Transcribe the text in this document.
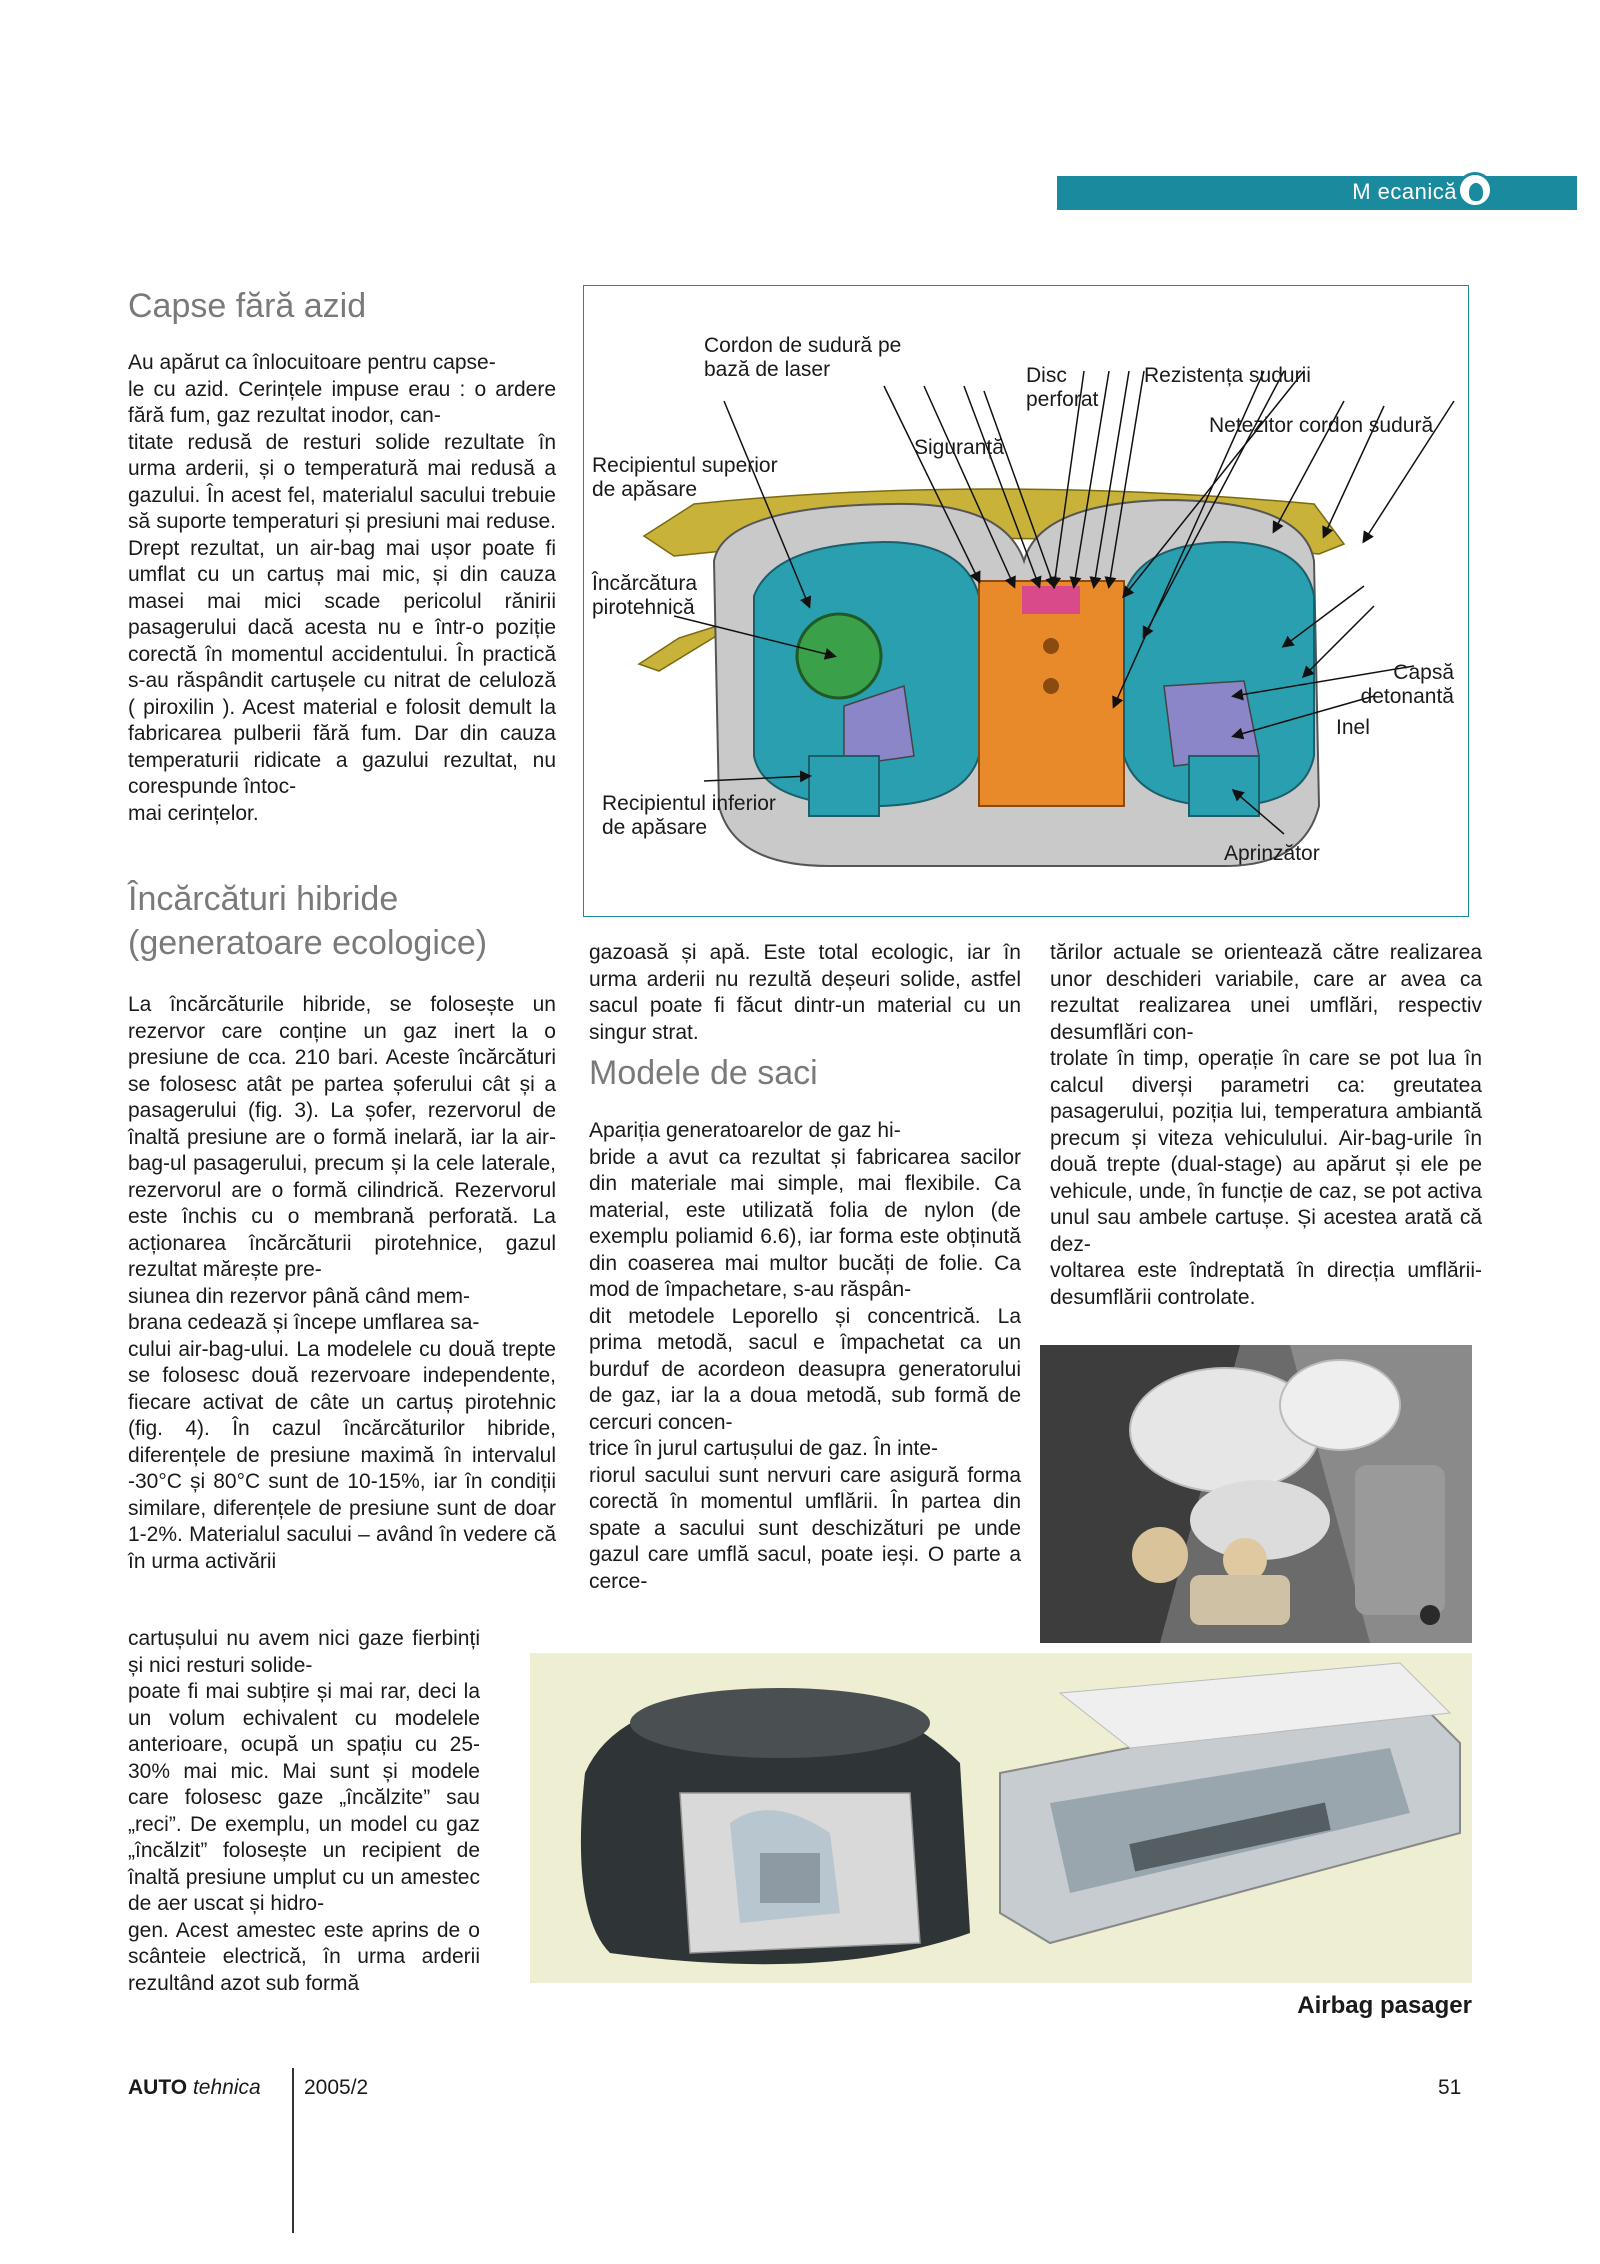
M ecanică
Capse fără azid
Au apărut ca înlocuitoare pentru capse-
le cu azid. Cerințele impuse erau : o ardere fără fum, gaz rezultat inodor, can-
titate redusă de resturi solide rezultate în urma arderii, și o temperatură mai redusă a gazului. În acest fel, materialul sacului trebuie să suporte temperaturi și presiuni mai reduse. Drept rezultat, un air-bag mai ușor poate fi umflat cu un cartuș mai mic, și din cauza masei mai mici scade pericolul rănirii pasagerului dacă acesta nu e într-o poziție corectă în momentul accidentului. În practică s-au răspândit cartușele cu nitrat de celuloză ( piroxilin ). Acest material e folosit demult la fabricarea pulberii fără fum. Dar din cauza temperaturii ridicate a gazului rezultat, nu corespunde întoc-
mai cerințelor.
Încărcături hibride
(generatoare ecologice)
La încărcăturile hibride, se folosește un rezervor care conține un gaz inert la o presiune de cca. 210 bari. Aceste încărcături se folosesc atât pe partea șoferului cât și a pasagerului (fig. 3). La șofer, rezervorul de înaltă presiune are o formă inelară, iar la air-bag-ul pasagerului, precum și la cele laterale, rezervorul are o formă cilindrică. Rezervorul este închis cu o membrană perforată. La acționarea încărcăturii pirotehnice, gazul rezultat mărește pre-
siunea din rezervor până când mem-
brana cedează și începe umflarea sa-
cului air-bag-ului. La modelele cu două trepte se folosesc două rezervoare independente, fiecare activat de câte un cartuș pirotehnic (fig. 4). În cazul încărcăturilor hibride, diferențele de presiune maximă în intervalul -30°C și 80°C sunt de 10-15%, iar în condiții similare, diferențele de presiune sunt de doar 1-2%. Materialul sacului – având în vedere că în urma activării
cartușului nu avem nici gaze fierbinți și nici resturi solide-
poate fi mai subțire și mai rar, deci la un volum echivalent cu modelele anterioare, ocupă un spațiu cu 25-30% mai mic. Mai sunt și modele care folosesc gaze „încălzite” sau „reci”. De exemplu, un model cu gaz „încălzit” folosește un recipient de înaltă presiune umplut cu un amestec de aer uscat și hidro-
gen. Acest amestec este aprins de o scânteie electrică, în urma arderii rezultând azot sub formă
Cordon de sudură pe
bază de laser	Disc
perforat
Rezistența sudurii
Netezitor cordon sudură
Siguranță
Recipientul superior
de apăsare
Încărcătura
pirotehnică
Capsă
detonantă
Inel
Recipientul inferior
de apăsare
Aprinzător
gazoasă și apă. Este total ecologic, iar în urma arderii nu rezultă deșeuri solide, astfel sacul poate fi făcut dintr-un material cu un singur strat.
Modele de saci
Apariția generatoarelor de gaz hi-
bride a avut ca rezultat și fabricarea sacilor din materiale mai simple, mai flexibile. Ca material, este utilizată folia de nylon (de exemplu poliamid 6.6), iar forma este obținută din coaserea mai multor bucăți de folie. Ca mod de împachetare, s-au răspân-
dit metodele Leporello și concentrică. La prima metodă, sacul e împachetat ca un burduf de acordeon deasupra generatorului de gaz, iar la a doua metodă, sub formă de cercuri concen-
trice în jurul cartușului de gaz. În inte-
riorul sacului sunt nervuri care asigură forma corectă în momentul umflării. În partea din spate a sacului sunt deschizături pe unde gazul care umflă sacul, poate ieși. O parte a cerce-
tărilor actuale se orientează către realizarea unor deschideri variabile, care ar avea ca rezultat realizarea unei umflări, respectiv desumflări con-
trolate în timp, operație în care se pot lua în calcul diverși parametri ca: greutatea pasagerului, poziția lui, temperatura ambiantă precum și viteza vehiculului. Air-bag-urile în două trepte (dual-stage) au apărut și ele pe vehicule, unde, în funcție de caz, se pot activa unul sau ambele cartușe. Și acestea arată că dez-
voltarea este îndreptată în direcția umflării-desumflării controlate.
Airbag pasager
AUTO tehnica 2005/2	51
